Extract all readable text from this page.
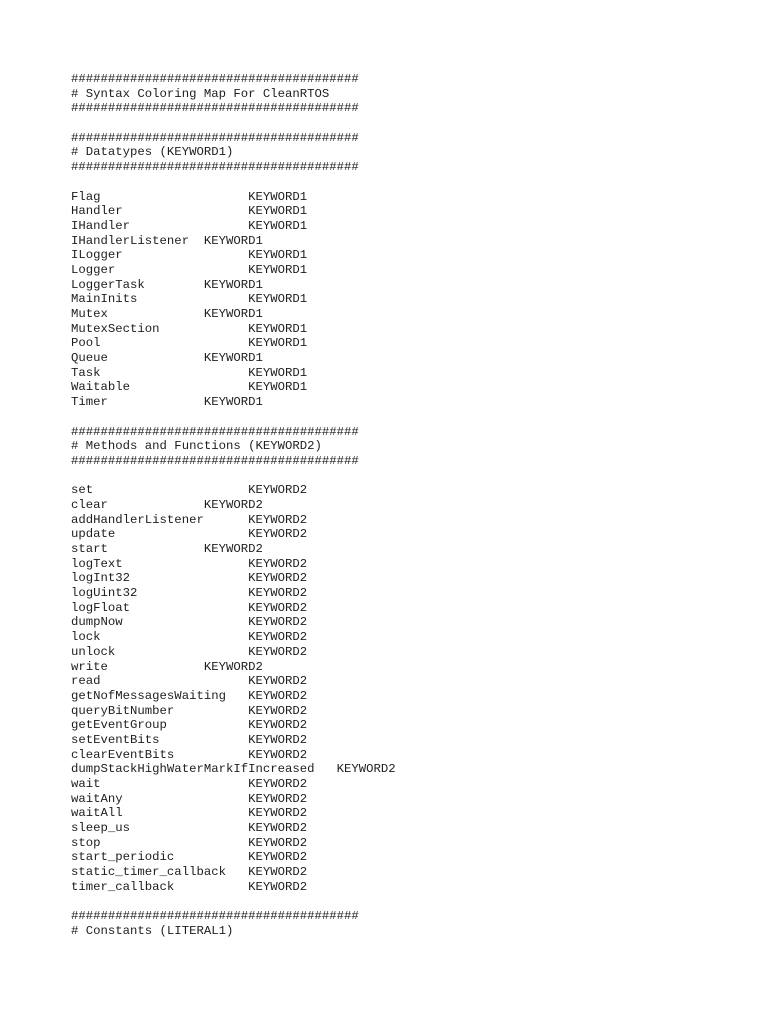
#######################################
# Syntax Coloring Map For CleanRTOS
#######################################
#######################################
# Datatypes (KEYWORD1)
#######################################
Flag                    KEYWORD1
Handler                 KEYWORD1
IHandler                KEYWORD1
IHandlerListener  KEYWORD1
ILogger                 KEYWORD1
Logger                  KEYWORD1
LoggerTask        KEYWORD1
MainInits               KEYWORD1
Mutex             KEYWORD1
MutexSection            KEYWORD1
Pool                    KEYWORD1
Queue             KEYWORD1
Task                    KEYWORD1
Waitable                KEYWORD1
Timer             KEYWORD1
#######################################
# Methods and Functions (KEYWORD2)
#######################################
set                     KEYWORD2
clear             KEYWORD2
addHandlerListener      KEYWORD2
update                  KEYWORD2
start             KEYWORD2
logText                 KEYWORD2
logInt32                KEYWORD2
logUint32               KEYWORD2
logFloat                KEYWORD2
dumpNow                 KEYWORD2
lock                    KEYWORD2
unlock                  KEYWORD2
write             KEYWORD2
read                    KEYWORD2
getNofMessagesWaiting   KEYWORD2
queryBitNumber          KEYWORD2
getEventGroup           KEYWORD2
setEventBits            KEYWORD2
clearEventBits          KEYWORD2
dumpStackHighWaterMarkIfIncreased   KEYWORD2
wait                    KEYWORD2
waitAny                 KEYWORD2
waitAll                 KEYWORD2
sleep_us                KEYWORD2
stop                    KEYWORD2
start_periodic          KEYWORD2
static_timer_callback   KEYWORD2
timer_callback          KEYWORD2
#######################################
# Constants (LITERAL1)
